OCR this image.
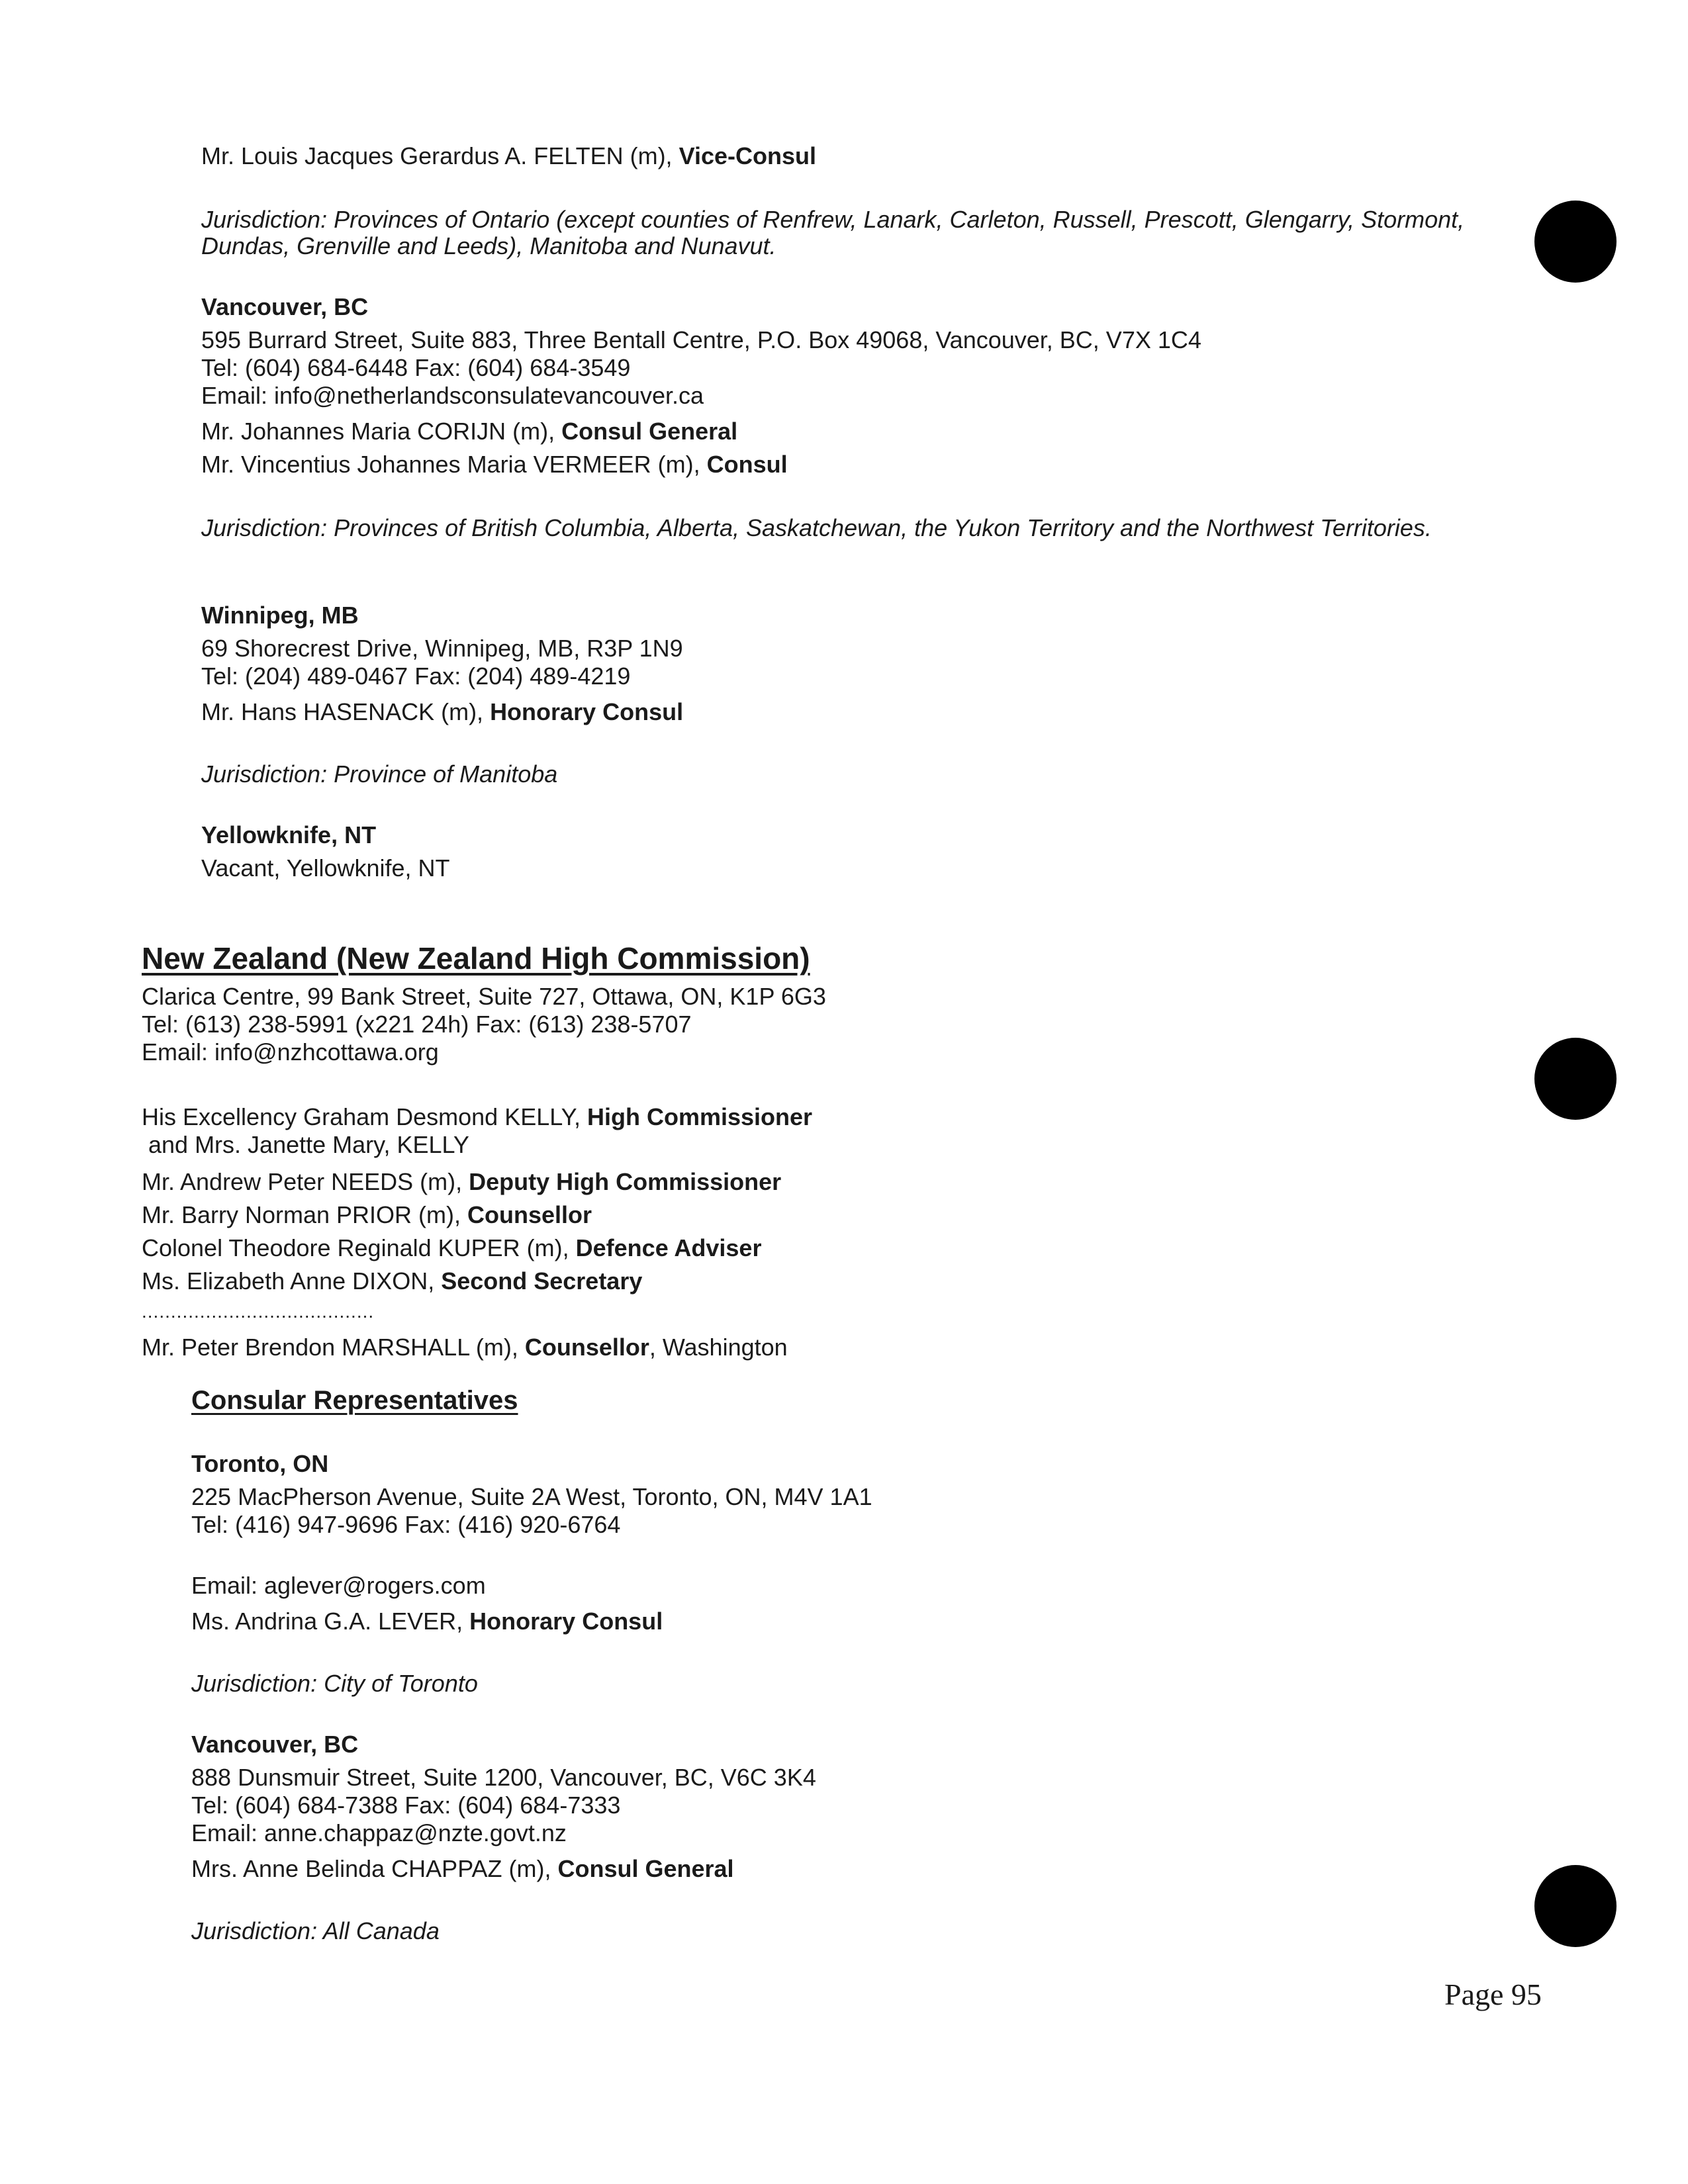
Mr. Louis Jacques Gerardus A. FELTEN (m), Vice-Consul
Jurisdiction: Provinces of Ontario (except counties of Renfrew, Lanark, Carleton, Russell, Prescott, Glengarry, Stormont,
Dundas, Grenville and Leeds), Manitoba and Nunavut.
Vancouver, BC
595 Burrard Street, Suite 883, Three Bentall Centre, P.O. Box 49068, Vancouver, BC, V7X 1C4
Tel: (604) 684-6448 Fax: (604) 684-3549
Email: info@netherlandsconsulatevancouver.ca
Mr. Johannes Maria CORIJN (m), Consul General
Mr. Vincentius Johannes Maria VERMEER (m), Consul
Jurisdiction: Provinces of British Columbia, Alberta, Saskatchewan, the Yukon Territory and the Northwest Territories.
Winnipeg, MB
69 Shorecrest Drive, Winnipeg, MB, R3P 1N9
Tel: (204) 489-0467 Fax: (204) 489-4219
Mr. Hans HASENACK (m), Honorary Consul
Jurisdiction: Province of Manitoba
Yellowknife, NT
Vacant, Yellowknife, NT
New Zealand (New Zealand High Commission)
Clarica Centre, 99 Bank Street, Suite 727, Ottawa, ON, K1P 6G3
Tel: (613) 238-5991 (x221 24h) Fax: (613) 238-5707
Email: info@nzhcottawa.org
His Excellency Graham Desmond KELLY, High Commissioner
and Mrs. Janette Mary, KELLY
Mr. Andrew Peter NEEDS (m), Deputy High Commissioner
Mr. Barry Norman PRIOR (m), Counsellor
Colonel Theodore Reginald KUPER (m), Defence Adviser
Ms. Elizabeth Anne DIXON, Second Secretary
........................................
Mr. Peter Brendon MARSHALL (m), Counsellor, Washington
Consular Representatives
Toronto, ON
225 MacPherson Avenue, Suite 2A West, Toronto, ON, M4V 1A1
Tel: (416) 947-9696 Fax: (416) 920-6764
Email: aglever@rogers.com
Ms. Andrina G.A. LEVER, Honorary Consul
Jurisdiction: City of Toronto
Vancouver, BC
888 Dunsmuir Street, Suite 1200, Vancouver, BC, V6C 3K4
Tel: (604) 684-7388 Fax: (604) 684-7333
Email: anne.chappaz@nzte.govt.nz
Mrs. Anne Belinda CHAPPAZ (m), Consul General
Jurisdiction: All Canada
Page 95
